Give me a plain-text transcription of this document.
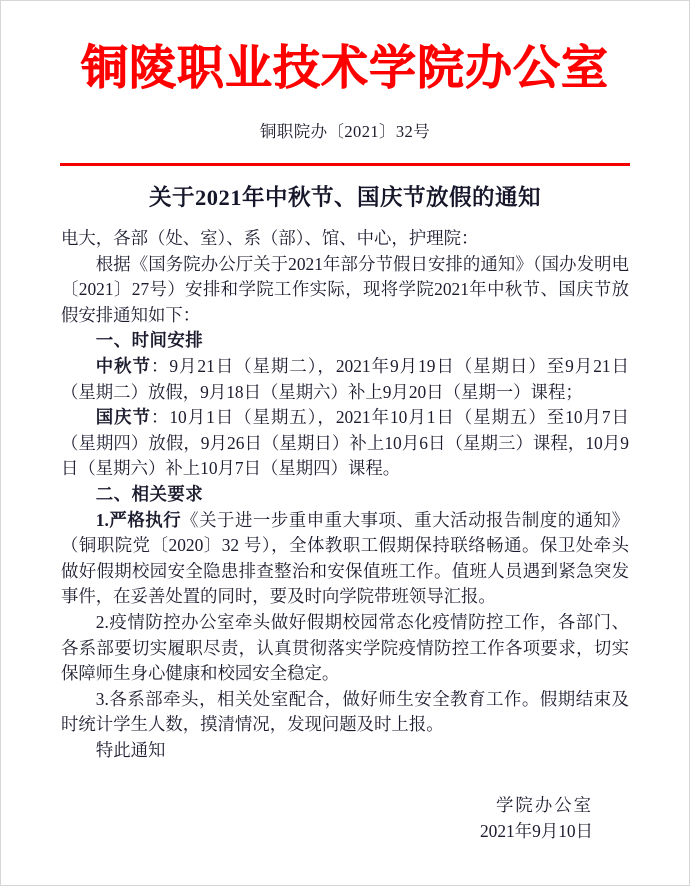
铜陵职业技术学院办公室
铜职院办〔2021〕32号
关于2021年中秋节、国庆节放假的通知

电大，各部（处、室）、系（部）、馆、中心，护理院：

根据《国务院办公厅关于2021年部分节假日安排的通知》（国办发明电〔2021〕27号）安排和学院工作实际，现将学院2021年中秋节、国庆节放假安排通知如下：

一、时间安排

中秋节：9月21日（星期二），2021年9月19日（星期日）至9月21日（星期二）放假，9月18日（星期六）补上9月20日（星期一）课程；

国庆节：10月1日（星期五），2021年10月1日（星期五）至10月7日（星期四）放假，9月26日（星期日）补上10月6日（星期三）课程，10月9日（星期六）补上10月7日（星期四）课程。

二、相关要求

1.严格执行《关于进一步重申重大事项、重大活动报告制度的通知》（铜职院党〔2020〕32 号），全体教职工假期保持联络畅通。保卫处牵头做好假期校园安全隐患排查整治和安保值班工作。值班人员遇到紧急突发事件，在妥善处置的同时，要及时向学院带班领导汇报。

2.疫情防控办公室牵头做好假期校园常态化疫情防控工作，各部门、各系部要切实履职尽责，认真贯彻落实学院疫情防控工作各项要求，切实保障师生身心健康和校园安全稳定。

3.各系部牵头，相关处室配合，做好师生安全教育工作。假期结束及时统计学生人数，摸清情况，发现问题及时上报。

特此通知

学院办公室
2021年9月10日
